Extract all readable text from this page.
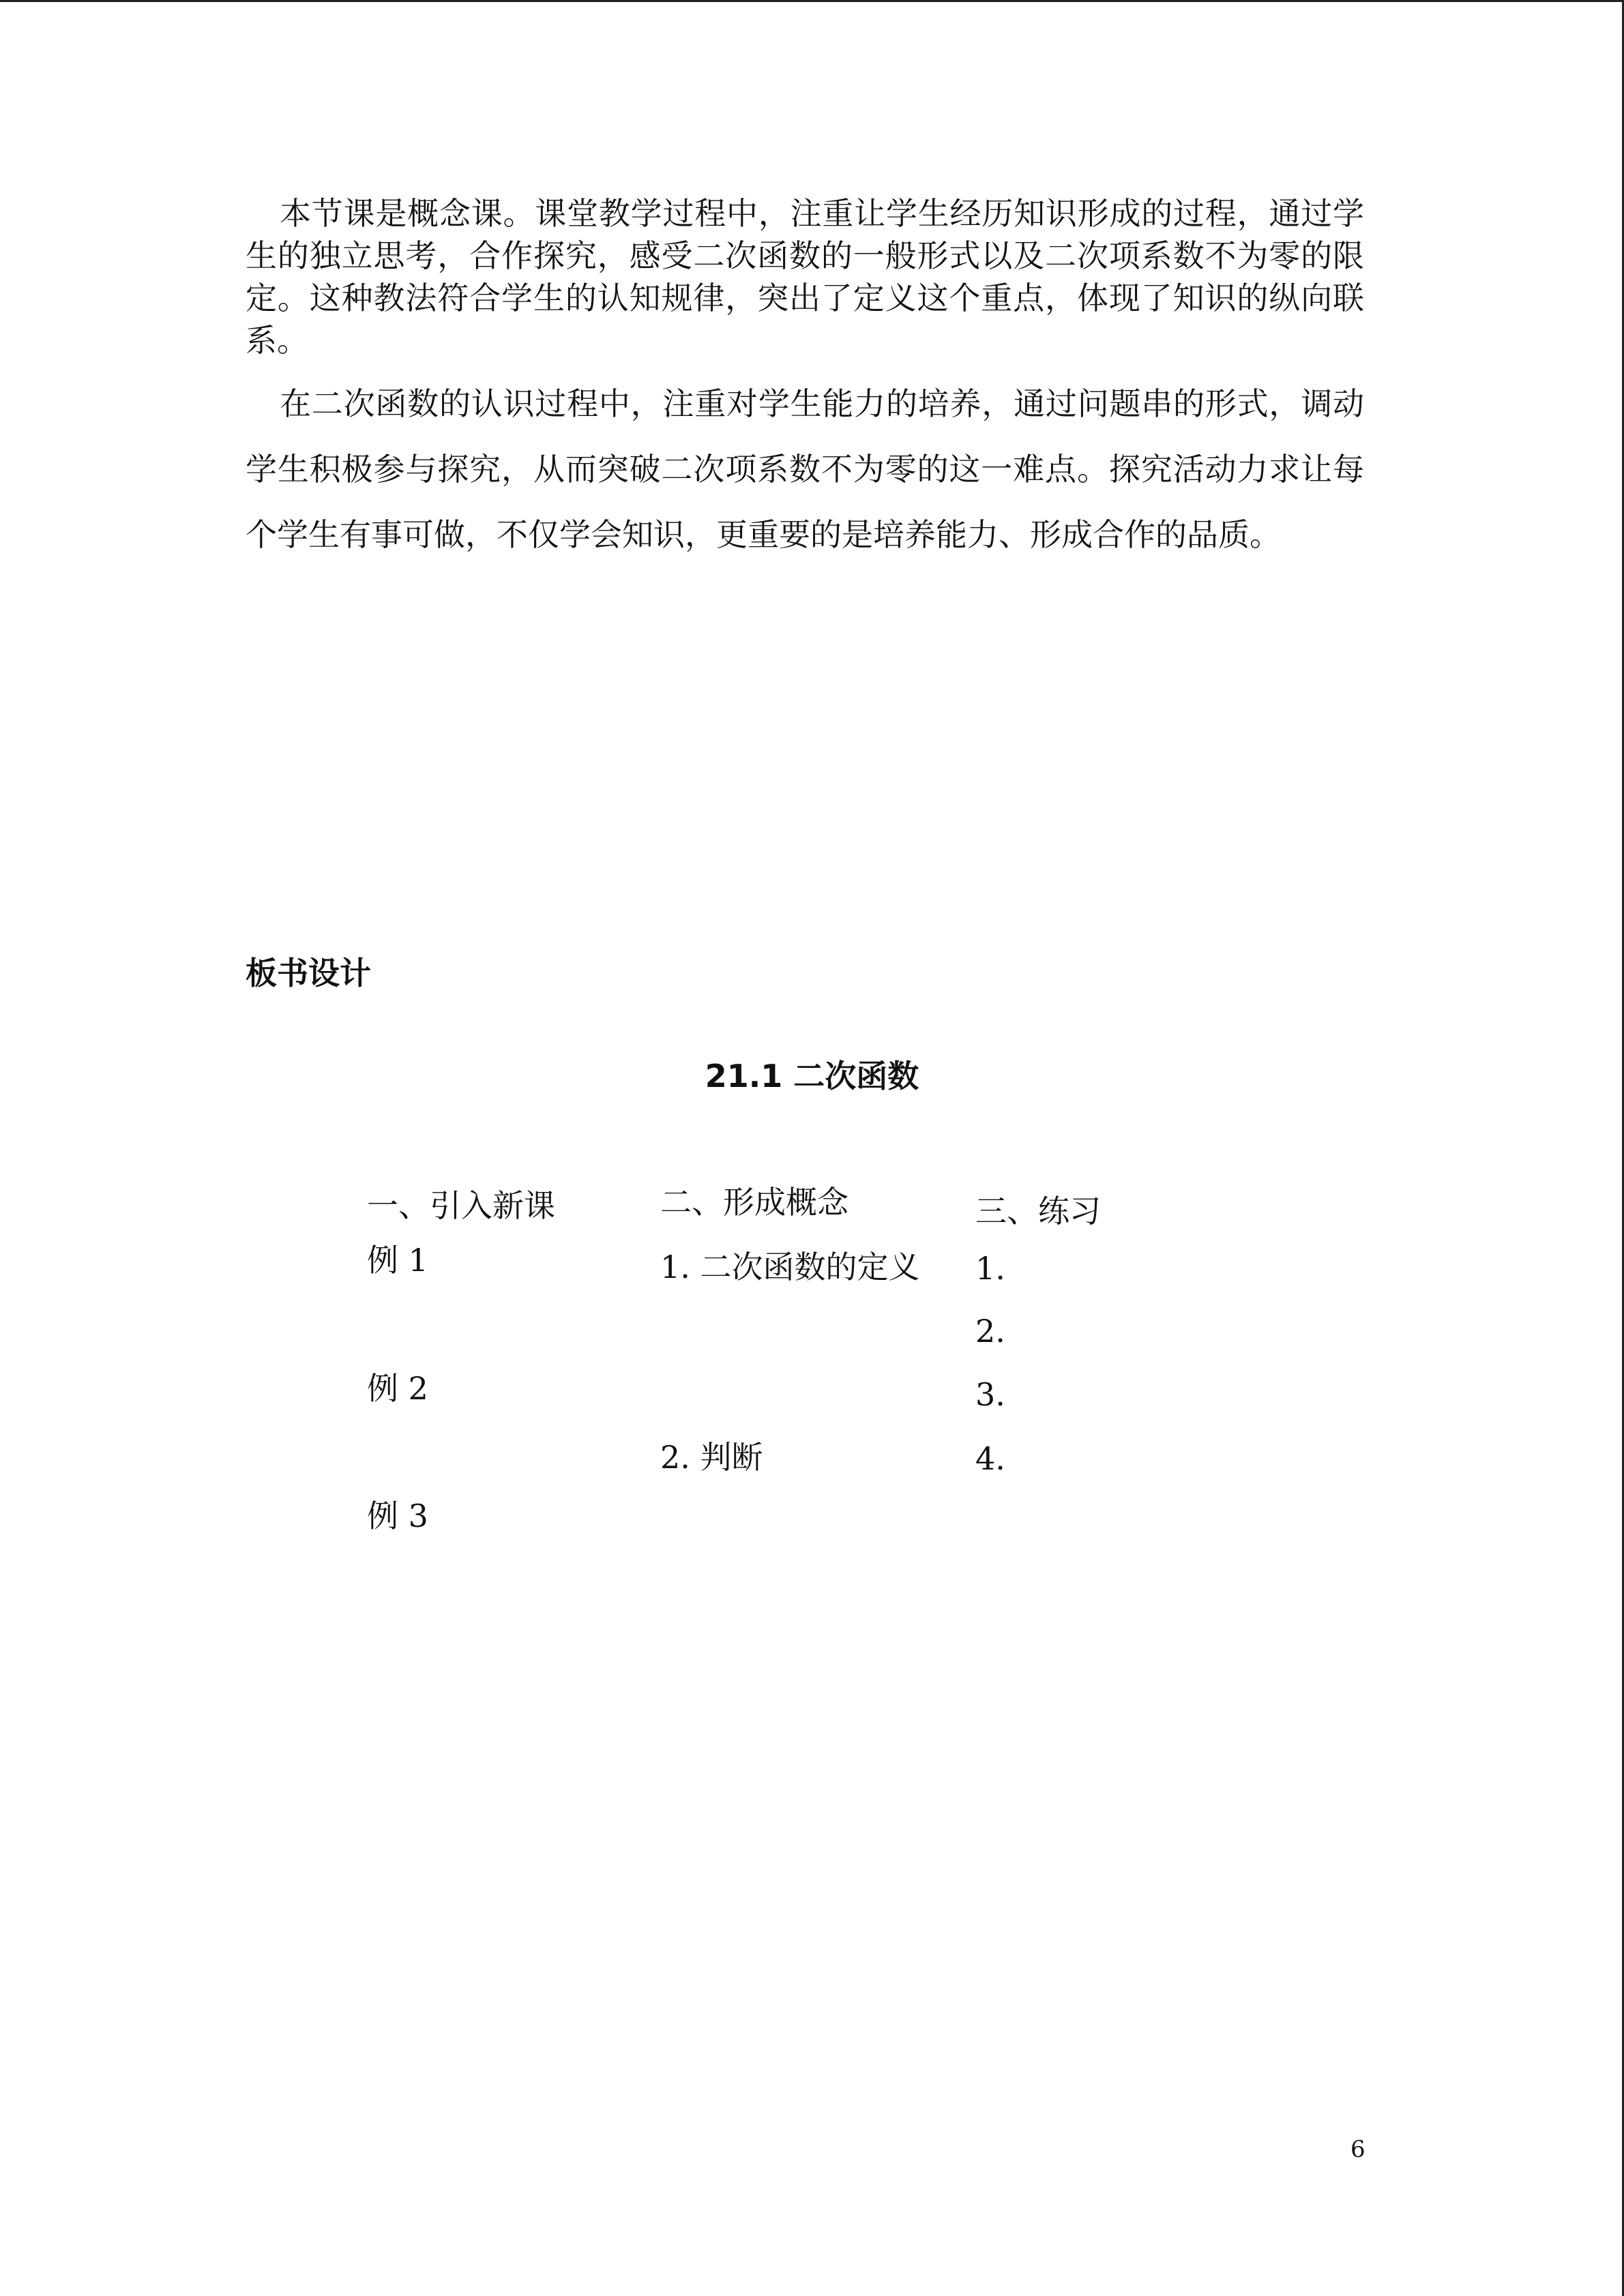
本节课是概念课。课堂教学过程中，注重让学生经历知识形成的过程，通过学生的独立思考，合作探究，感受二次函数的一般形式以及二次项系数不为零的限定。这种教法符合学生的认知规律，突出了定义这个重点，体现了知识的纵向联系。

在二次函数的认识过程中，注重对学生能力的培养，通过问题串的形式，调动学生积极参与探究，从而突破二次项系数不为零的这一难点。探究活动力求让每个学生有事可做，不仅学会知识，更重要的是培养能力、形成合作的品质。

板书设计
21.1 二次函数
一、引入新课
例 1
例 2
例 3
二、形成概念
1. 二次函数的定义
2. 判断
三、练习
1.
2.
3.
4.
6
